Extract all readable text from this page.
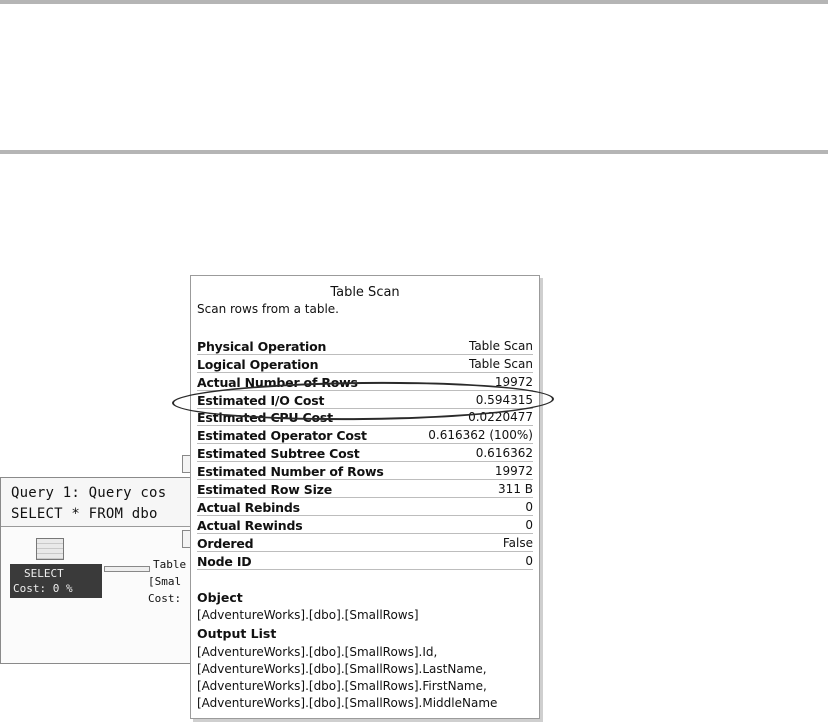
Query 1: Query cos
SELECT * FROM dbo
SELECT
Cost: 0 %
Table
[Smal
Cost:
Table Scan
Scan rows from a table.
Physical Operation	Table Scan
Logical Operation	Table Scan
Actual Number of Rows	19972
Estimated I/O Cost	0.594315
Estimated CPU Cost	0.0220477
Estimated Operator Cost	0.616362 (100%)
Estimated Subtree Cost	0.616362
Estimated Number of Rows	19972
Estimated Row Size	311 B
Actual Rebinds	0
Actual Rewinds	0
Ordered	False
Node ID	0
Object
[AdventureWorks].[dbo].[SmallRows]
Output List
[AdventureWorks].[dbo].[SmallRows].Id,
[AdventureWorks].[dbo].[SmallRows].LastName,
[AdventureWorks].[dbo].[SmallRows].FirstName,
[AdventureWorks].[dbo].[SmallRows].MiddleName
